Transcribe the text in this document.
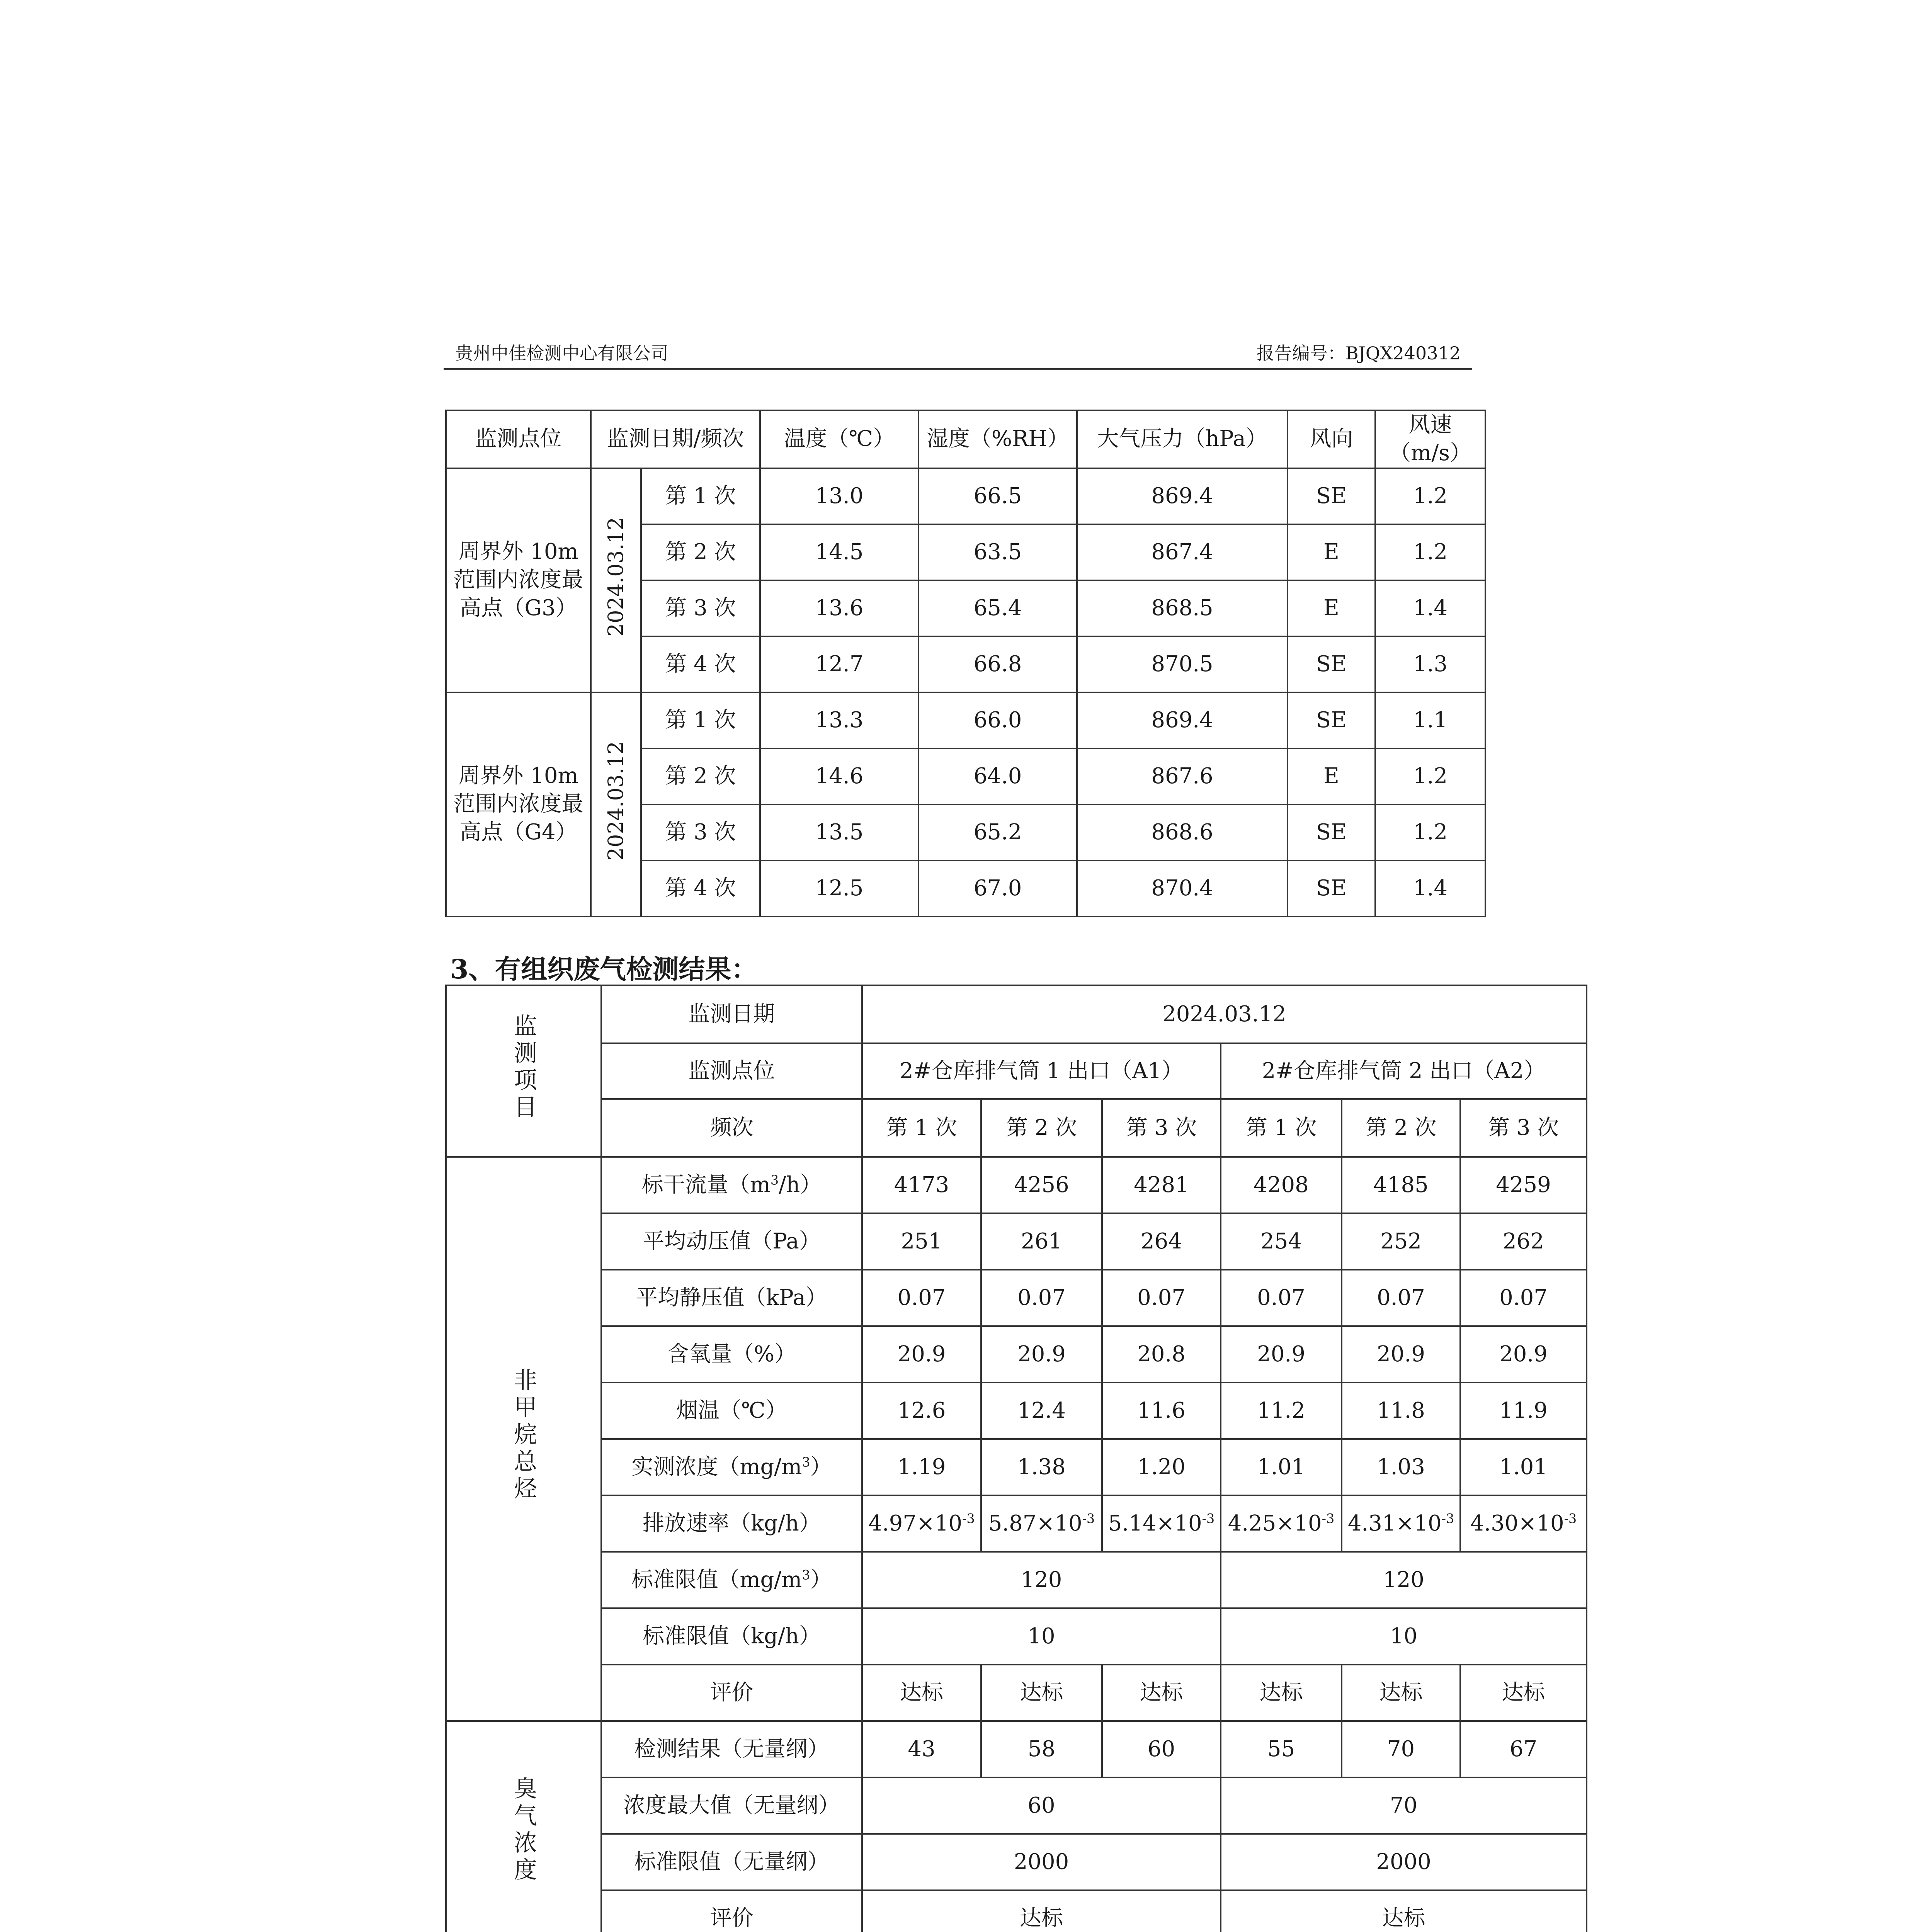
贵州中佳检测中心有限公司	报告编号：BJQX240312
监测点位	监测日期/频次		温度（℃）	湿度（%RH）	大气压力（hPa）	风向	风速（m/s）
周界外 10m 范围内浓度最高点（G3）	2024.03.12	第 1 次	13.0	66.5	869.4	SE	1.2
		第 2 次	14.5	63.5	867.4	E	1.2
		第 3 次	13.6	65.4	868.5	E	1.4
		第 4 次	12.7	66.8	870.5	SE	1.3
周界外 10m 范围内浓度最高点（G4）	2024.03.12	第 1 次	13.3	66.0	869.4	SE	1.1
		第 2 次	14.6	64.0	867.6	E	1.2
		第 3 次	13.5	65.2	868.6	SE	1.2
		第 4 次	12.5	67.0	870.4	SE	1.4
3、有组织废气检测结果：
监测项目	监测日期	2024.03.12					
	监测点位	2#仓库排气筒 1 出口（A1）			2#仓库排气筒 2 出口（A2）		
	频次	第 1 次	第 2 次	第 3 次	第 1 次	第 2 次	第 3 次
非甲烷总烃	标干流量$(m^3/h)$	4173	4256	4281	4208	4185	4259
	平均动压值（Pa）	251	261	264	254	252	262
	平均静压值（kPa）	0.07	0.07	0.07	0.07	0.07	0.07
	含氧量（%）	20.9	20.9	20.8	20.9	20.9	20.9
	烟温（℃）	12.6	12.4	11.6	11.2	11.8	11.9
	实测浓度$(mg/m^3)$	1.19	1.38	1.20	1.01	1.03	1.01
	排放速率（kg/h）	$4.97\times 10^{-3}$	$5.87\times 10^{-3}$	$5.14\times 10^{-3}$	$4.25\times 10^{-3}$	$4.31\times 10^{-3}$	$4.30\times 10^{-3}$
	标准限值$(mg/m^3)$	120			120		
	标准限值（kg/h）	10			10		
	评价	达标	达标	达标	达标	达标	达标
臭气浓度	检测结果（无量纲）	43	58	60	55	70	67
	浓度最大值（无量纲）	60			70		
	标准限值（无量纲）	2000			2000		
	评价	达标			达标		
